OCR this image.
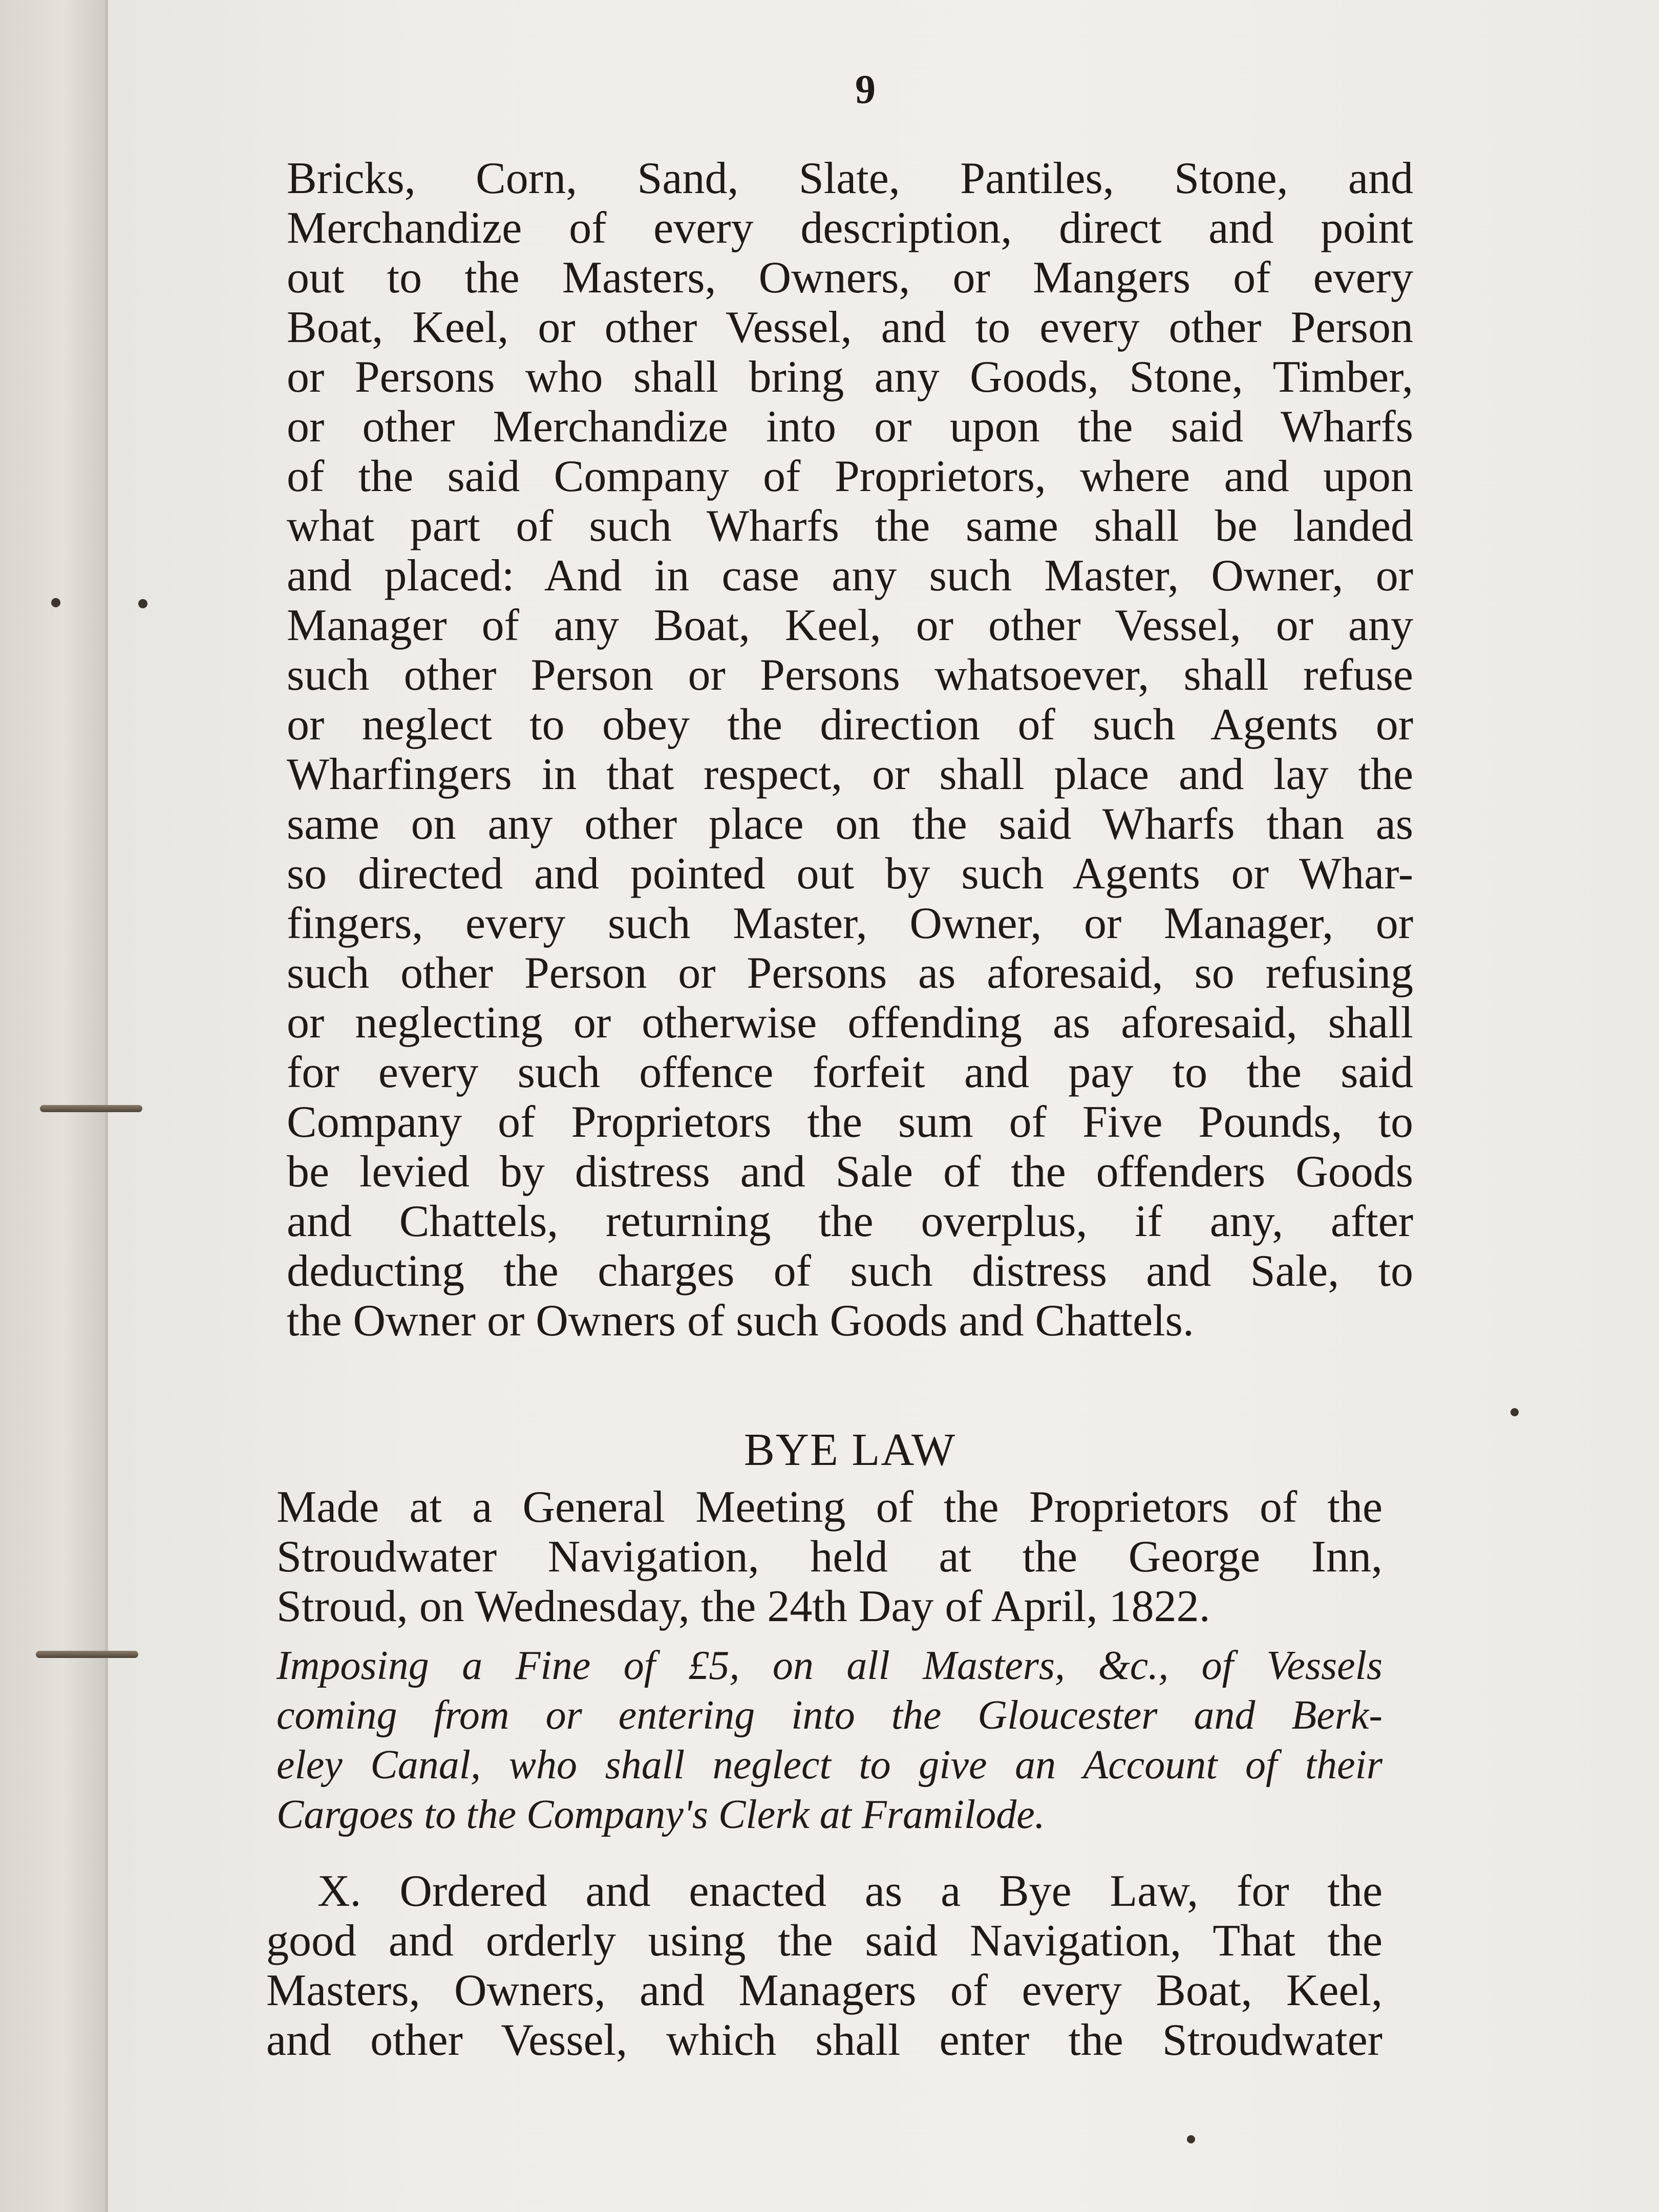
9
Bricks, Corn, Sand, Slate, Pantiles, Stone, and
Merchandize of every description, direct and point
out to the Masters, Owners, or Mangers of every
Boat, Keel, or other Vessel, and to every other Person
or Persons who shall bring any Goods, Stone, Timber,
or other Merchandize into or upon the said Wharfs
of the said Company of Proprietors, where and upon
what part of such Wharfs the same shall be landed
and placed: And in case any such Master, Owner, or
Manager of any Boat, Keel, or other Vessel, or any
such other Person or Persons whatsoever, shall refuse
or neglect to obey the direction of such Agents or
Wharfingers in that respect, or shall place and lay the
same on any other place on the said Wharfs than as
so directed and pointed out by such Agents or Whar-
fingers, every such Master, Owner, or Manager, or
such other Person or Persons as aforesaid, so refusing
or neglecting or otherwise offending as aforesaid, shall
for every such offence forfeit and pay to the said
Company of Proprietors the sum of Five Pounds, to
be levied by distress and Sale of the offenders Goods
and Chattels, returning the overplus, if any, after
deducting the charges of such distress and Sale, to
the Owner or Owners of such Goods and Chattels.
BYE LAW
Made at a General Meeting of the Proprietors of the
Stroudwater Navigation, held at the George Inn,
Stroud, on Wednesday, the 24th Day of April, 1822.
Imposing a Fine of £5, on all Masters, &c., of Vessels
coming from or entering into the Gloucester and Berk-
eley Canal, who shall neglect to give an Account of their
Cargoes to the Company's Clerk at Framilode.
X. Ordered and enacted as a Bye Law, for the
good and orderly using the said Navigation, That the
Masters, Owners, and Managers of every Boat, Keel,
and other Vessel, which shall enter the Stroudwater
